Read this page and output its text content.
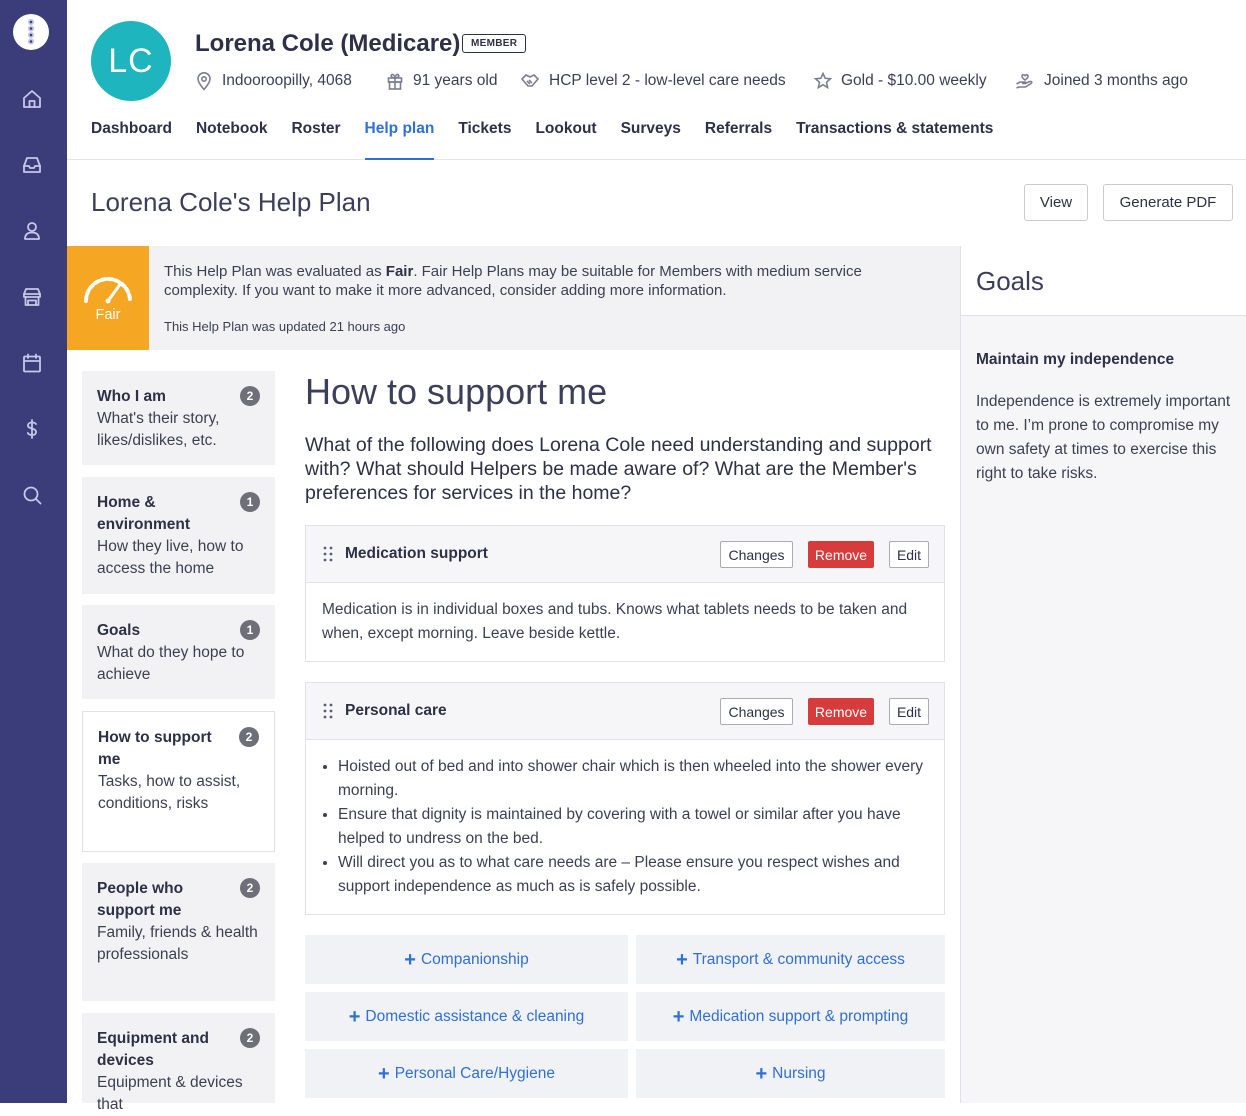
LC	Lorena Cole (Medicare)	MEMBER
Indooroopilly, 4068	91 years old	HCP level 2 - low-level care needs	Gold - $10.00 weekly	Joined 3 months ago
Dashboard Notebook Roster Help plan Tickets Lookout Surveys Referrals Transactions & statements
Lorena Cole's Help Plan	View	Generate PDF
Fair

This Help Plan was evaluated as Fair. Fair Help Plans may be suitable for Members with medium service complexity. If you want to make it more advanced, consider adding more information.

This Help Plan was updated 21 hours ago

Who I am
What's their story, likes/dislikes, etc.
2
Home & environment
How they live, how to access the home
1
Goals
What do they hope to achieve
1
How to support me
Tasks, how to assist, conditions, risks
2
People who support me
Family, friends & health professionals
2
Equipment and devices
Equipment & devices that
2
How to support me

What of the following does Lorena Cole need understanding and support with? What should Helpers be made aware of? What are the Member's preferences for services in the home?

Medication support	Changes	Remove	Edit
Medication is in individual boxes and tubs. Knows what tablets needs to be taken and when, except morning. Leave beside kettle.
Personal care	Changes	Remove	Edit
• Hoisted out of bed and into shower chair which is then wheeled into the shower every morning.
• Ensure that dignity is maintained by covering with a towel or similar after you have helped to undress on the bed.
• Will direct you as to what care needs are – Please ensure you respect wishes and support independence as much as is safely possible.
+ Companionship	+ Transport & community access
+ Domestic assistance & cleaning	+ Medication support & prompting
+ Personal Care/Hygiene	+ Nursing
Goals
Maintain my independence
Independence is extremely important to me. I’m prone to compromise my own safety at times to exercise this right to take risks.
